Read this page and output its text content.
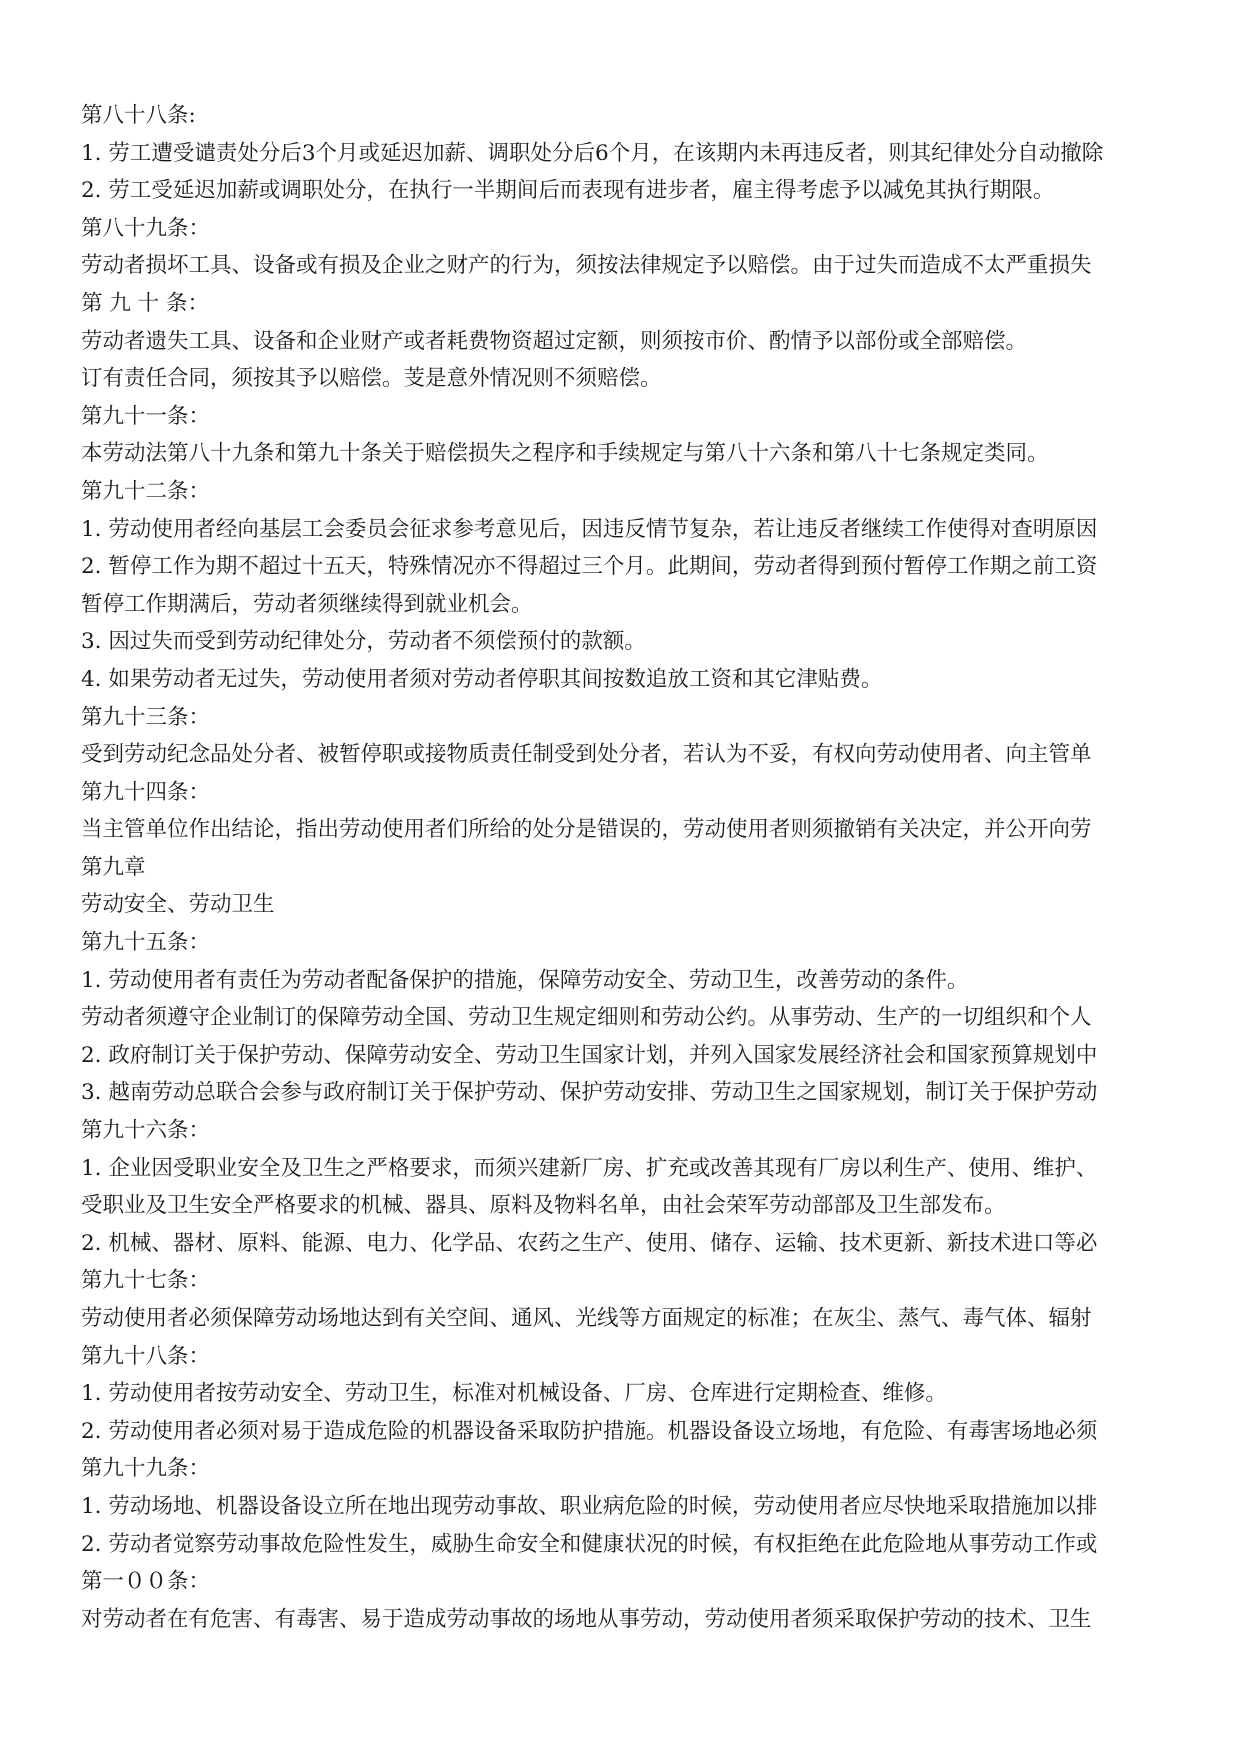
第八十八条:
1. 劳工遭受谴责处分后3个月或延迟加薪、调职处分后6个月，在该期内未再违反者，则其纪律处分自动撤除
2. 劳工受延迟加薪或调职处分，在执行一半期间后而表现有进步者，雇主得考虑予以减免其执行期限。
第八十九条：
劳动者损坏工具、设备或有损及企业之财产的行为，须按法律规定予以赔偿。由于过失而造成不太严重损失
第 九 十 条：
劳动者遗失工具、设备和企业财产或者耗费物资超过定额，则须按市价、酌情予以部份或全部赔偿。
订有责任合同，须按其予以赔偿。芰是意外情况则不须赔偿。
第九十一条：
本劳动法第八十九条和第九十条关于赔偿损失之程序和手续规定与第八十六条和第八十七条规定类同。
第九十二条：
1. 劳动使用者经向基层工会委员会征求参考意见后，因违反情节复杂，若让违反者继续工作使得对查明原因
2. 暂停工作为期不超过十五天，特殊情况亦不得超过三个月。此期间，劳动者得到预付暂停工作期之前工资
暂停工作期满后，劳动者须继续得到就业机会。
3. 因过失而受到劳动纪律处分，劳动者不须偿预付的款额。
4. 如果劳动者无过失，劳动使用者须对劳动者停职其间按数追放工资和其它津贴费。
第九十三条：
受到劳动纪念品处分者、被暂停职或接物质责任制受到处分者，若认为不妥，有权向劳动使用者、向主管单
第九十四条：
当主管单位作出结论，指出劳动使用者们所给的处分是错误的，劳动使用者则须撤销有关决定，并公开向劳
第九章
劳动安全、劳动卫生
第九十五条：
1. 劳动使用者有责任为劳动者配备保护的措施，保障劳动安全、劳动卫生，改善劳动的条件。
劳动者须遵守企业制订的保障劳动全国、劳动卫生规定细则和劳动公约。从事劳动、生产的一切组织和个人
2. 政府制订关于保护劳动、保障劳动安全、劳动卫生国家计划，并列入国家发展经济社会和国家预算规划中
3. 越南劳动总联合会参与政府制订关于保护劳动、保护劳动安排、劳动卫生之国家规划，制订关于保护劳动
第九十六条：
1. 企业因受职业安全及卫生之严格要求，而须兴建新厂房、扩充或改善其现有厂房以利生产、使用、维护、
受职业及卫生安全严格要求的机械、器具、原料及物料名单，由社会荣军劳动部部及卫生部发布。
2. 机械、器材、原料、能源、电力、化学品、农药之生产、使用、储存、运输、技术更新、新技术进口等必
第九十七条：
劳动使用者必须保障劳动场地达到有关空间、通风、光线等方面规定的标准；在灰尘、蒸气、毒气体、辐射
第九十八条：
1. 劳动使用者按劳动安全、劳动卫生，标准对机械设备、厂房、仓库进行定期检查、维修。
2. 劳动使用者必须对易于造成危险的机器设备采取防护措施。机器设备设立场地，有危险、有毒害场地必须
第九十九条：
1. 劳动场地、机器设备设立所在地出现劳动事故、职业病危险的时候，劳动使用者应尽快地采取措施加以排
2. 劳动者觉察劳动事故危险性发生，威胁生命安全和健康状况的时候，有权拒绝在此危险地从事劳动工作或
第一００条：
对劳动者在有危害、有毒害、易于造成劳动事故的场地从事劳动，劳动使用者须采取保护劳动的技术、卫生
